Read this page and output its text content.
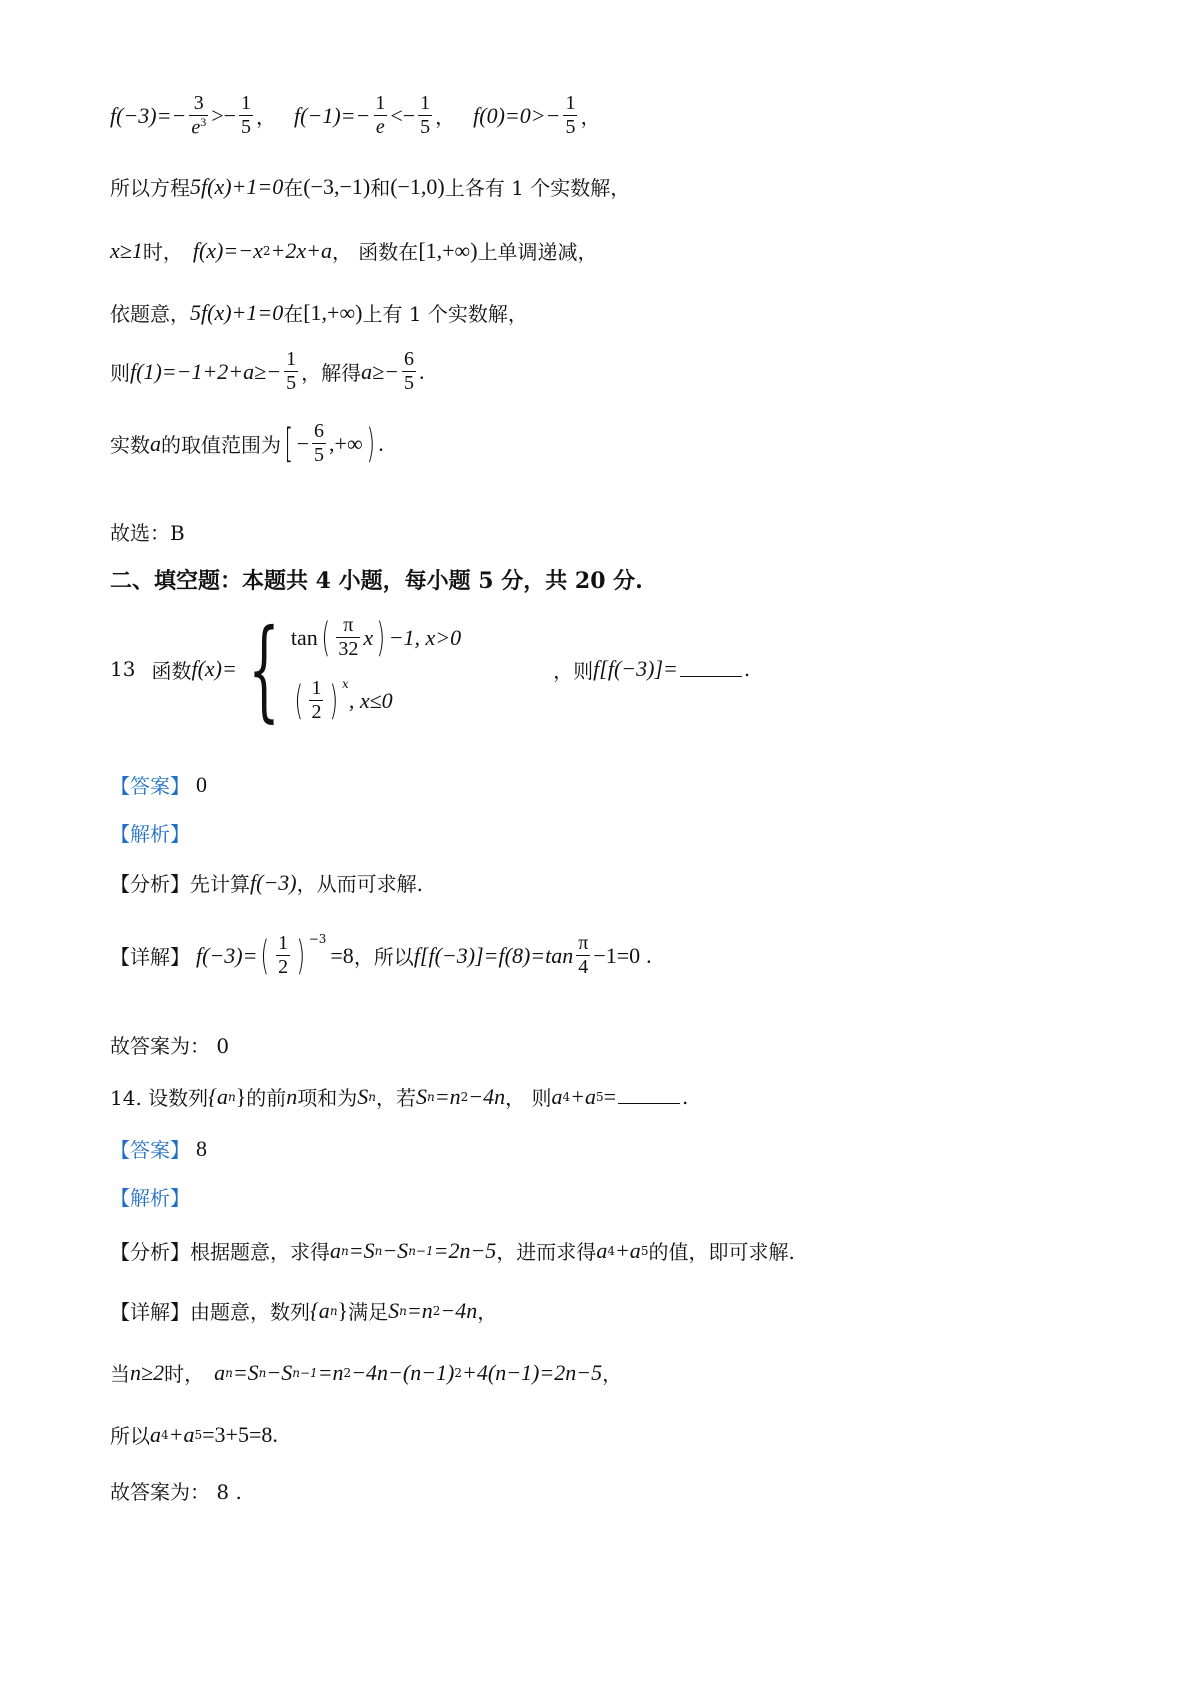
$f(-3)=- \frac{3}{e^3} >- \frac{1}{5}$ ， $f(-1)=- \frac{1}{e} <- \frac{1}{5}$ ， $f(0)=0>- \frac{1}{5}$ ，
所以方程 5f(x)+1=0 在 (−3,−1) 和 (−1,0) 上各有 1 个实数解，
x≥1 时， f(x)=−x 2 +2x+a ， 函数在 [1,+∞) 上单调递减，
依题意， 5f(x)+1=0 在 [1,+∞) 上有 1 个实数解，
则 $f(1)=-1+2+a\ge- \frac{1}{5}$ ，解得 $a\ge- \frac{6}{5}$ .
实数 a 的取值范围为 [ − $\frac{6}{5}$ ,+∞ ) .
故选：B
二、填空题：本题共 4 小题，每小题 5 分，共 20 分.
13 函数 f(x)= { tan ( $\frac{\pi}{32}$ x ) −1, x>0
( $\frac{1}{2}$ ) $^x$
, x≤0
，则 f[f(−3)]=	.
【答案】 0
【解析】
【分析】 先计算 f(−3) ，从而可求解.
【详解】 f(−3)= ( $\frac{1}{2}$ ) $^{-3}$
=8 ，所以 $f[f(-3)]=f(8)=\tan \frac{\pi}{4} -1=0$ .
故答案为： 0
14. 设数列 {a n } 的前 n 项和为 S n ，若 S n =n 2 −4n ， 则 a 4 +a 5 =	.
【答案】 8
【解析】
【分析】 根据题意，求得 a n =S n −S n−1 =2n−5 ，进而求得 a 4 +a 5 的值，即可求解.
【详解】 由题意，数列 {a n } 满足 S n =n 2 −4n ，
当 n≥2 时， a n =S n −S n−1 =n 2 −4n−(n−1) 2 +4(n−1)=2n−5 ，
所以 a 4 +a 5 =3+5=8 .
故答案为： 8 .
